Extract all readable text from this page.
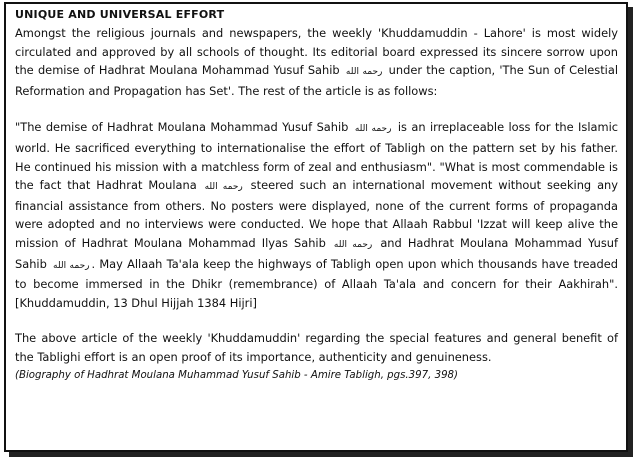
UNIQUE AND UNIVERSAL EFFORT

Amongst the religious journals and newspapers, the weekly 'Khuddamuddin - Lahore' is most widely circulated and approved by all schools of thought. Its editorial board expressed its sincere sorrow upon the demise of Hadhrat Moulana Mohammad Yusuf Sahib رحمه الله under the caption, 'The Sun of Celestial Reformation and Propagation has Set'. The rest of the article is as follows:

"The demise of Hadhrat Moulana Mohammad Yusuf Sahib رحمه الله is an irreplaceable loss for the Islamic world. He sacrificed everything to internationalise the effort of Tabligh on the pattern set by his father. He continued his mission with a matchless form of zeal and enthusiasm". "What is most commendable is the fact that Hadhrat Moulana رحمه الله steered such an international movement without seeking any financial assistance from others. No posters were displayed, none of the current forms of propaganda were adopted and no interviews were conducted. We hope that Allaah Rabbul 'Izzat will keep alive the mission of Hadhrat Moulana Mohammad Ilyas Sahib رحمه الله and Hadhrat Moulana Mohammad Yusuf Sahib رحمه الله . May Allaah Ta'ala keep the highways of Tabligh open upon which thousands have treaded to become immersed in the Dhikr (remembrance) of Allaah Ta'ala and concern for their Aakhirah". [Khuddamuddin, 13 Dhul Hijjah 1384 Hijri]

The above article of the weekly 'Khuddamuddin' regarding the special features and general benefit of the Tablighi effort is an open proof of its importance, authenticity and genuineness.

(Biography of Hadhrat Moulana Muhammad Yusuf Sahib - Amire Tabligh, pgs.397, 398)
